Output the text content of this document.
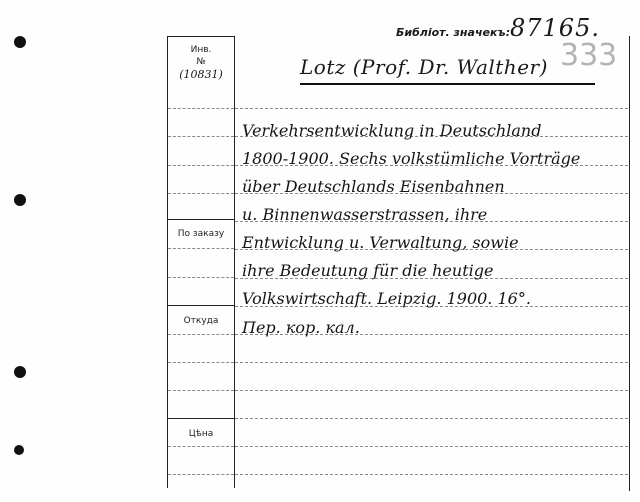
Инв.
№
(10831)
По заказу
Откуда
Цѣна
Библіот. значекъ: 87165.
333
Lotz (Prof. Dr. Walther)
Verkehrsentwicklung in Deutschland
1800-1900. Sechs volkstümliche Vorträge
über Deutschlands Eisenbahnen
u. Binnenwasserstrassen, ihre
Entwicklung u. Verwaltung, sowie
ihre Bedeutung für die heutige
Volkswirtschaft. Leipzig. 1900. 16°.
Пер. кор. кал.
